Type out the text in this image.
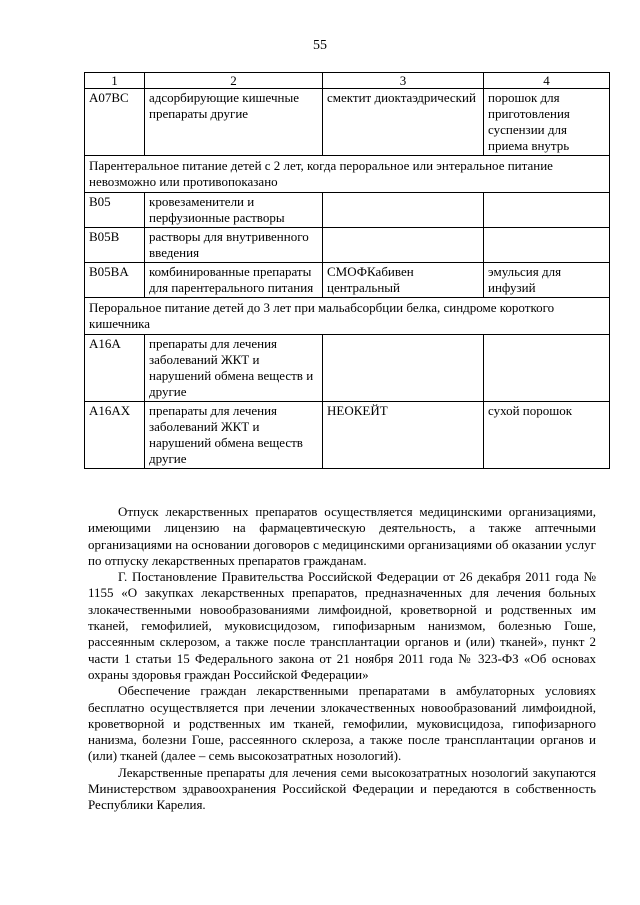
55
1	2	3	4
A07BC	адсорбирующие кишечные препараты другие	смектит диоктаэдрический	порошок для приготовления суспензии для приема внутрь
Парентеральное питание детей с 2 лет, когда пероральное или энтеральное питание невозможно или противопоказано			
B05	кровезаменители и перфузионные растворы		
B05B	растворы для внутривенного введения		
B05BA	комбинированные препараты для парентерального питания	СМОФКабивен центральный	эмульсия для инфузий
Пероральное питание детей до 3 лет при мальабсорбции белка, синдроме короткого кишечника			
A16A	препараты для лечения заболеваний ЖКТ и нарушений обмена веществ и другие		
A16AX	препараты для лечения заболеваний ЖКТ и нарушений обмена веществ другие	НЕОКЕЙТ	сухой порошок

Отпуск лекарственных препаратов осуществляется медицинскими организациями, имеющими лицензию на фармацевтическую деятельность, а также аптечными организациями на основании договоров с медицинскими организациями об оказании услуг по отпуску лекарственных препаратов гражданам.

Г. Постановление Правительства Российской Федерации от 26 декабря 2011 года № 1155 «О закупках лекарственных препаратов, предназначенных для лечения больных злокачественными новообразованиями лимфоидной, кроветворной и родственных им тканей, гемофилией, муковисцидозом, гипофизарным нанизмом, болезнью Гоше, рассеянным склерозом, а также после трансплантации органов и (или) тканей», пункт 2 части 1 статьи 15 Федерального закона от 21 ноября 2011 года № 323-ФЗ «Об основах охраны здоровья граждан Российской Федерации»

Обеспечение граждан лекарственными препаратами в амбулаторных условиях бесплатно осуществляется при лечении злокачественных новообразований лимфоидной, кроветворной и родственных им тканей, гемофилии, муковисцидоза, гипофизарного нанизма, болезни Гоше, рассеянного склероза, а также после трансплантации органов и (или) тканей (далее – семь высокозатратных нозологий).

Лекарственные препараты для лечения семи высокозатратных нозологий закупаются Министерством здравоохранения Российской Федерации и передаются в собственность Республики Карелия.
